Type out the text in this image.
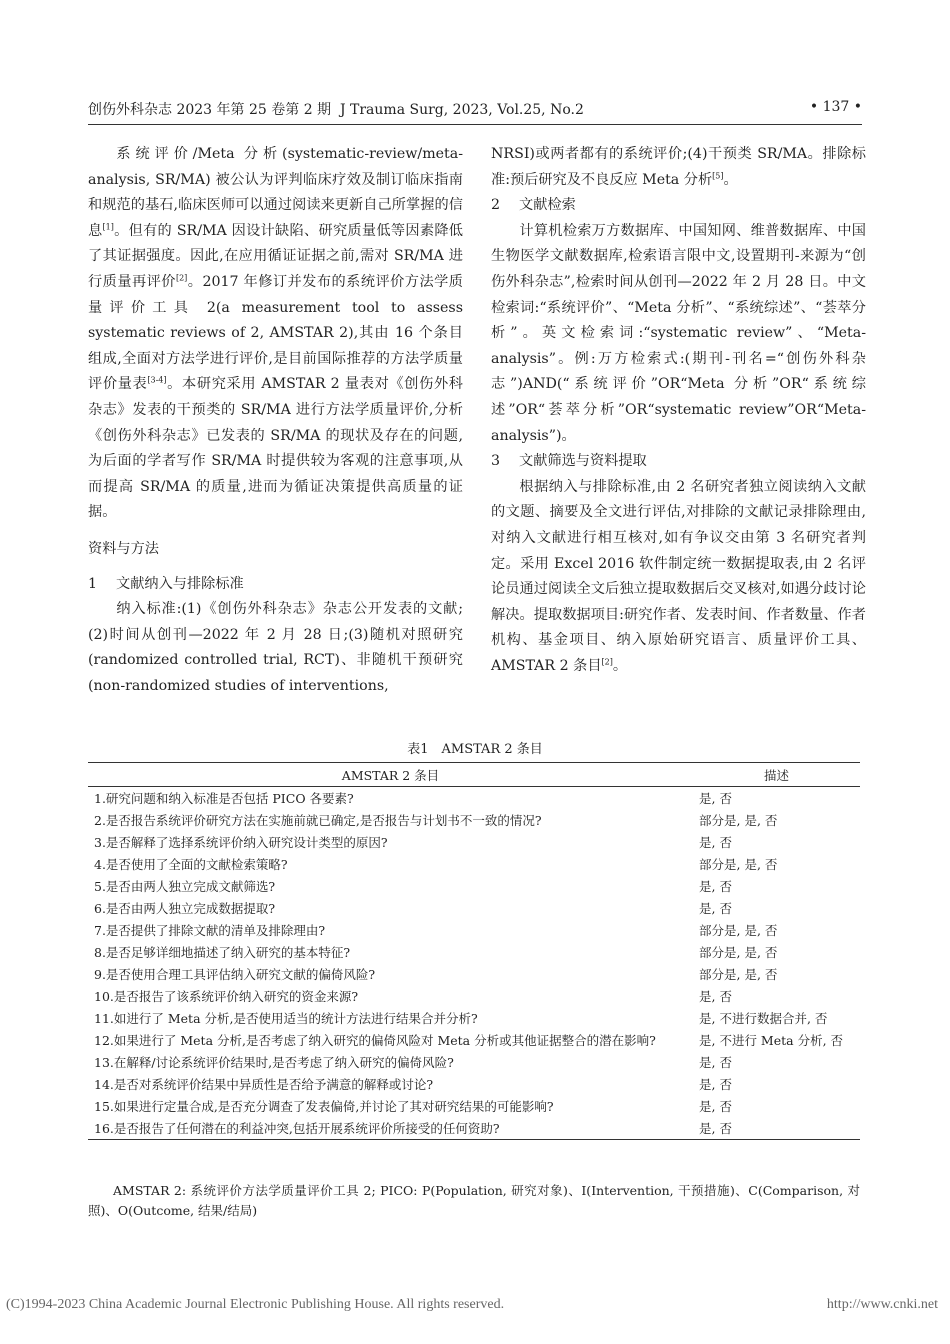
创伤外科杂志 2023 年第 25 卷第 2 期 J Trauma Surg, 2023, Vol.25, No.2	• 137 •

系统评价/Meta 分析(systematic-review/meta-analysis, SR/MA) 被公认为评判临床疗效及制订临床指南和规范的基石,临床医师可以通过阅读来更新自己所掌握的信息[1]。但有的 SR/MA 因设计缺陷、研究质量低等因素降低了其证据强度。因此,在应用循证证据之前,需对 SR/MA 进行质量再评价[2]。2017 年修订并发布的系统评价方法学质量评价工具 2(a measurement tool to assess systematic reviews of 2, AMSTAR 2),其由 16 个条目组成,全面对方法学进行评价,是目前国际推荐的方法学质量评价量表[3-4]。本研究采用 AMSTAR 2 量表对《创伤外科杂志》发表的干预类的 SR/MA 进行方法学质量评价,分析《创伤外科杂志》已发表的 SR/MA 的现状及存在的问题,为后面的学者写作 SR/MA 时提供较为客观的注意事项,从而提高 SR/MA 的质量,进而为循证决策提供高质量的证据。

资料与方法

1 文献纳入与排除标准

纳入标准:(1)《创伤外科杂志》杂志公开发表的文献;(2)时间从创刊—2022 年 2 月 28 日;(3)随机对照研究(randomized controlled trial, RCT)、非随机干预研究(non-randomized studies of interventions,

NRSI)或两者都有的系统评价;(4)干预类 SR/MA。排除标准:预后研究及不良反应 Meta 分析[5]。

2 文献检索

计算机检索万方数据库、中国知网、维普数据库、中国生物医学文献数据库,检索语言限中文,设置期刊-来源为“创伤外科杂志”,检索时间从创刊—2022 年 2 月 28 日。中文检索词:“系统评价”、“Meta 分析”、“系统综述”、“荟萃分析”。英文检索词:“systematic review”、“Meta-analysis”。例:万方检索式:(期刊-刊名=“创伤外科杂志”)AND(“系统评价”OR“Meta 分析”OR“系统综述”OR“荟萃分析”OR“systematic review”OR“Meta-analysis”)。

3 文献筛选与资料提取

根据纳入与排除标准,由 2 名研究者独立阅读纳入文献的文题、摘要及全文进行评估,对排除的文献记录排除理由,对纳入文献进行相互核对,如有争议交由第 3 名研究者判定。采用 Excel 2016 软件制定统一数据提取表,由 2 名评论员通过阅读全文后独立提取数据后交叉核对,如遇分歧讨论解决。提取数据项目:研究作者、发表时间、作者数量、作者机构、基金项目、纳入原始研究语言、质量评价工具、AMSTAR 2 条目[2]。

表1　AMSTAR 2 条目
AMSTAR 2 条目	描述
1.研究问题和纳入标准是否包括 PICO 各要素?	是, 否
2.是否报告系统评价研究方法在实施前就已确定,是否报告与计划书不一致的情况?	部分是, 是, 否
3.是否解释了选择系统评价纳入研究设计类型的原因?	是, 否
4.是否使用了全面的文献检索策略?	部分是, 是, 否
5.是否由两人独立完成文献筛选?	是, 否
6.是否由两人独立完成数据提取?	是, 否
7.是否提供了排除文献的清单及排除理由?	部分是, 是, 否
8.是否足够详细地描述了纳入研究的基本特征?	部分是, 是, 否
9.是否使用合理工具评估纳入研究文献的偏倚风险?	部分是, 是, 否
10.是否报告了该系统评价纳入研究的资金来源?	是, 否
11.如进行了 Meta 分析,是否使用适当的统计方法进行结果合并分析?	是, 不进行数据合并, 否
12.如果进行了 Meta 分析,是否考虑了纳入研究的偏倚风险对 Meta 分析或其他证据整合的潜在影响?	是, 不进行 Meta 分析, 否
13.在解释/讨论系统评价结果时,是否考虑了纳入研究的偏倚风险?	是, 否
14.是否对系统评价结果中异质性是否给予满意的解释或讨论?	是, 否
15.如果进行定量合成,是否充分调查了发表偏倚,并讨论了其对研究结果的可能影响?	是, 否
16.是否报告了任何潜在的利益冲突,包括开展系统评价所接受的任何资助?	是, 否
AMSTAR 2: 系统评价方法学质量评价工具 2; PICO: P(Population, 研究对象)、I(Intervention, 干预措施)、C(Comparison, 对照)、O(Outcome, 结果/结局)
(C)1994-2023 China Academic Journal Electronic Publishing House. All rights reserved.	http://www.cnki.net
